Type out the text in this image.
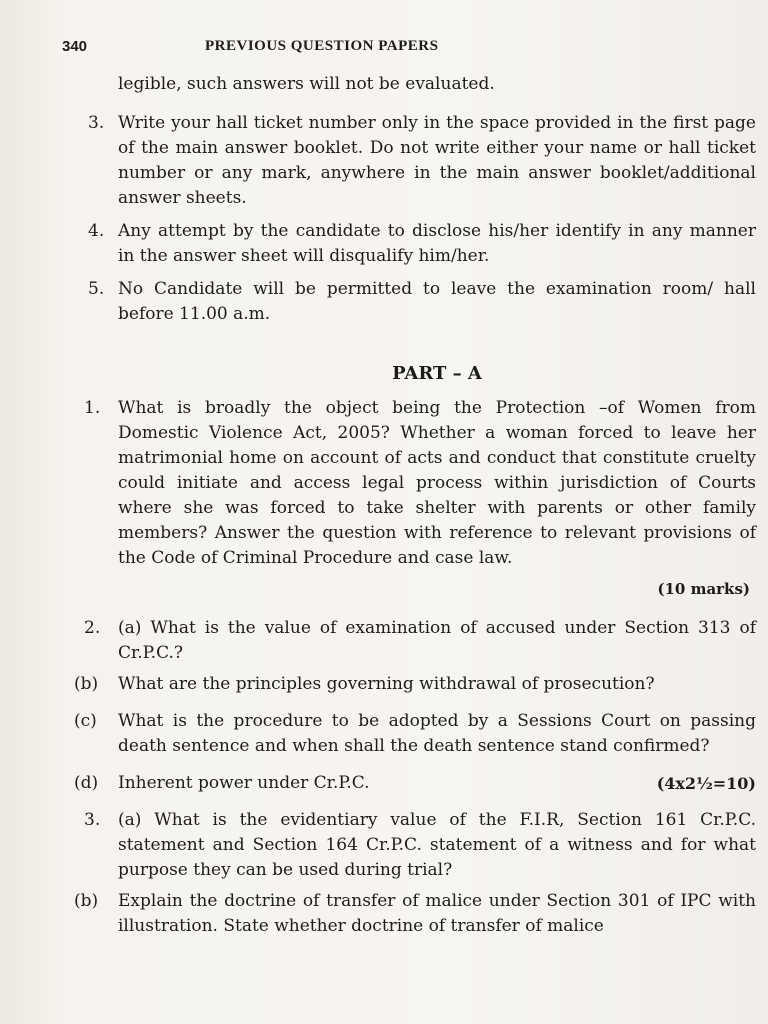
340	PREVIOUS QUESTION PAPERS
legible, such answers will not be evaluated.
3. Write your hall ticket number only in the space provided in the first page of the main answer booklet. Do not write either your name or hall ticket number or any mark, anywhere in the main answer booklet/additional answer sheets.
4. Any attempt by the candidate to disclose his/her identify in any manner in the answer sheet will disqualify him/her.
5. No Candidate will be permitted to leave the examination room/ hall before 11.00 a.m.
PART – A
1. What is broadly the object being the Protection –of Women from Domestic Violence Act, 2005? Whether a woman forced to leave her matrimonial home on account of acts and conduct that constitute cruelty could initiate and access legal process within jurisdiction of Courts where she was forced to take shelter with parents or other family members? Answer the question with reference to relevant provisions of the Code of Criminal Procedure and case law.
(10 marks)
2. (a) What is the value of examination of accused under Section 313 of Cr.P.C.?
(b) What are the principles governing withdrawal of prosecution?
(c) What is the procedure to be adopted by a Sessions Court on passing death sentence and when shall the death sentence stand confirmed?
(d) Inherent power under Cr.P.C.	(4x2½=10)
3. (a) What is the evidentiary value of the F.I.R, Section 161 Cr.P.C. statement and Section 164 Cr.P.C. statement of a witness and for what purpose they can be used during trial?
(b) Explain the doctrine of transfer of malice under Section 301 of IPC with illustration. State whether doctrine of transfer of malice
